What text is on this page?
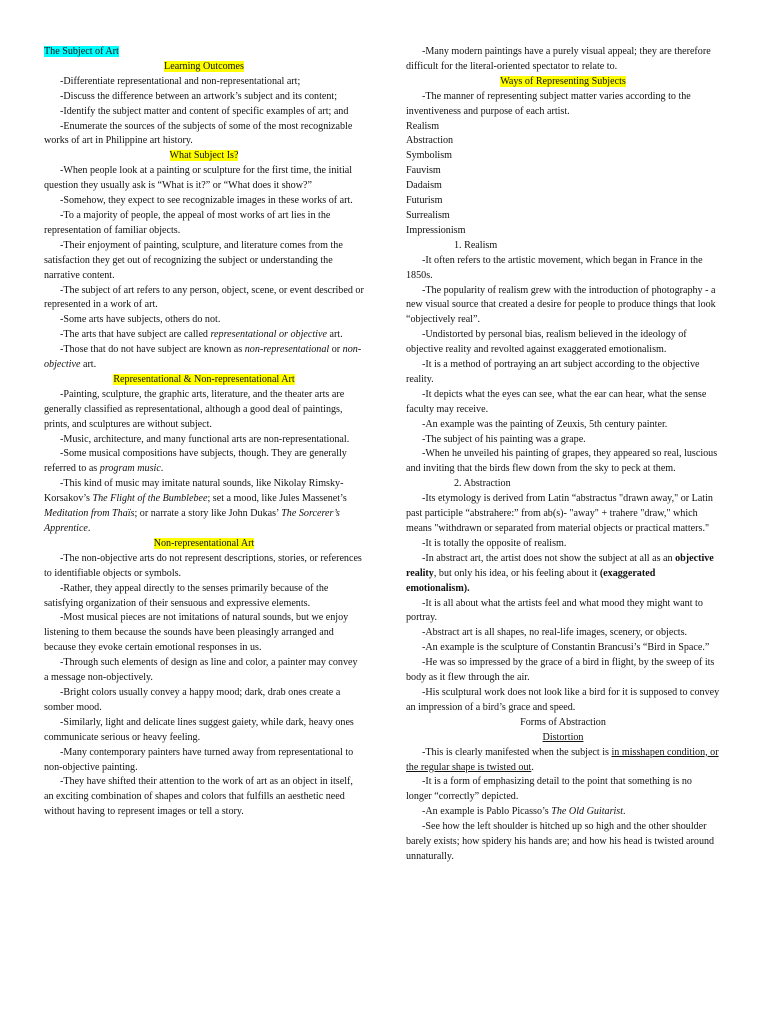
The Subject of Art

Learning Outcomes

-Differentiate representational and non-representational art;

-Discuss the difference between an artwork’s subject and its content;

-Identify the subject matter and content of specific examples of art; and

-Enumerate the sources of the subjects of some of the most recognizable works of art in Philippine art history.

What Subject Is?

-When people look at a painting or sculpture for the first time, the initial question they usually ask is “What is it?” or “What does it show?”

-Somehow, they expect to see recognizable images in these works of art.

-To a majority of people, the appeal of most works of art lies in the representation of familiar objects.

-Their enjoyment of painting, sculpture, and literature comes from the satisfaction they get out of recognizing the subject or understanding the narrative content.

-The subject of art refers to any person, object, scene, or event described or represented in a work of art.

-Some arts have subjects, others do not.

-The arts that have subject are called representational or objective art.

-Those that do not have subject are known as non-representational or non-objective art.

Representational & Non-representational Art

-Painting, sculpture, the graphic arts, literature, and the theater arts are generally classified as representational, although a good deal of paintings, prints, and sculptures are without subject.

-Music, architecture, and many functional arts are non-representational.

-Some musical compositions have subjects, though. They are generally referred to as program music.

-This kind of music may imitate natural sounds, like Nikolay Rimsky-Korsakov’s The Flight of the Bumblebee; set a mood, like Jules Massenet’s Meditation from Thaïs; or narrate a story like John Dukas’ The Sorcerer’s Apprentice.

Non-representational Art

-The non-objective arts do not represent descriptions, stories, or references to identifiable objects or symbols.

-Rather, they appeal directly to the senses primarily because of the satisfying organization of their sensuous and expressive elements.

-Most musical pieces are not imitations of natural sounds, but we enjoy listening to them because the sounds have been pleasingly arranged and because they evoke certain emotional responses in us.

-Through such elements of design as line and color, a painter may convey a message non-objectively.

-Bright colors usually convey a happy mood; dark, drab ones create a somber mood.

-Similarly, light and delicate lines suggest gaiety, while dark, heavy ones communicate serious or heavy feeling.

-Many contemporary painters have turned away from representational to non-objective painting.

-They have shifted their attention to the work of art as an object in itself, an exciting combination of shapes and colors that fulfills an aesthetic need without having to represent images or tell a story.

-Many modern paintings have a purely visual appeal; they are therefore difficult for the literal-oriented spectator to relate to.

Ways of Representing Subjects

-The manner of representing subject matter varies according to the inventiveness and purpose of each artist.

Realism

Abstraction

Symbolism

Fauvism

Dadaism

Futurism

Surrealism

Impressionism

1. Realism

-It often refers to the artistic movement, which began in France in the 1850s.

-The popularity of realism grew with the introduction of photography - a new visual source that created a desire for people to produce things that look “objectively real”.

-Undistorted by personal bias, realism believed in the ideology of objective reality and revolted against exaggerated emotionalism.

-It is a method of portraying an art subject according to the objective reality.

-It depicts what the eyes can see, what the ear can hear, what the sense faculty may receive.

-An example was the painting of Zeuxis, 5th century painter.

-The subject of his painting was a grape.

-When he unveiled his painting of grapes, they appeared so real, luscious and inviting that the birds flew down from the sky to peck at them.

2. Abstraction

-Its etymology is derived from Latin “abstractus "drawn away," or Latin past participle “abstrahere:” from ab(s)- "away" + trahere "draw," which means "withdrawn or separated from material objects or practical matters."

-It is totally the opposite of realism.

-In abstract art, the artist does not show the subject at all as an objective reality, but only his idea, or his feeling about it (exaggerated emotionalism).

-It is all about what the artists feel and what mood they might want to portray.

-Abstract art is all shapes, no real-life images, scenery, or objects.

-An example is the sculpture of Constantin Brancusi’s “Bird in Space.”

-He was so impressed by the grace of a bird in flight, by the sweep of its body as it flew through the air.

-His sculptural work does not look like a bird for it is supposed to convey an impression of a bird’s grace and speed.

Forms of Abstraction

Distortion

-This is clearly manifested when the subject is in misshapen condition, or the regular shape is twisted out.

-It is a form of emphasizing detail to the point that something is no longer “correctly” depicted.

-An example is Pablo Picasso’s The Old Guitarist.

-See how the left shoulder is hitched up so high and the other shoulder barely exists; how spidery his hands are; and how his head is twisted around unnaturally.
